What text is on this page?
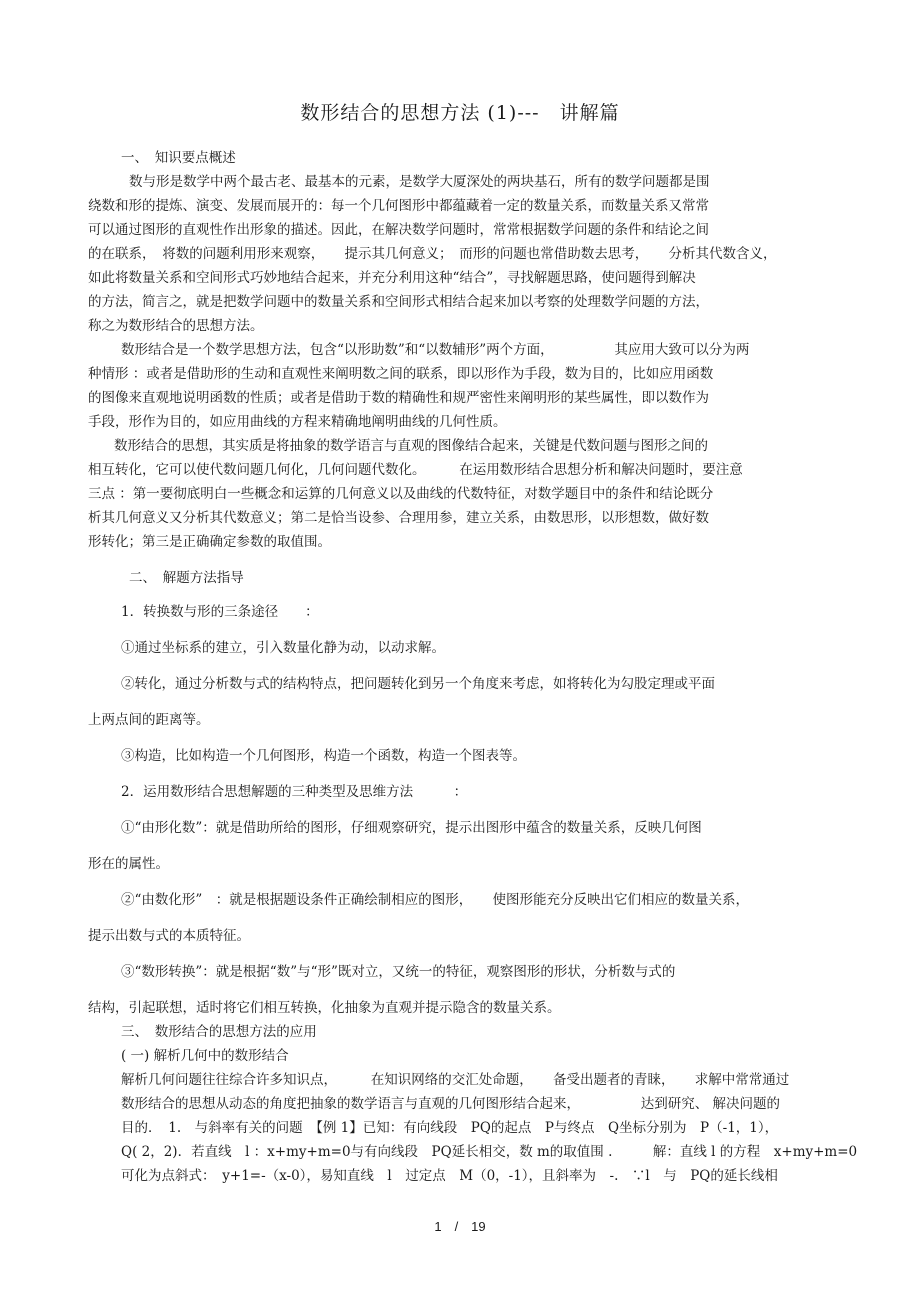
数形结合的思想方法 (1)---　讲解篇
一、　知识要点概述
数与形是数学中两个最古老、最基本的元素，是数学大厦深处的两块基石，所有的数学问题都是围
绕数和形的提炼、演变、发展而展开的：每一个几何图形中都蕴藏着一定的数量关系，而数量关系又常常
可以通过图形的直观性作出形象的描述。因此，在解决数学问题时，常常根据数学问题的条件和结论之间
的在联系，　将数的问题利用形来观察，　　提示其几何意义；　而形的问题也常借助数去思考，　　分析其代数含义，
如此将数量关系和空间形式巧妙地结合起来，并充分利用这种“结合”，寻找解题思路，使问题得到解决
的方法，简言之，就是把数学问题中的数量关系和空间形式相结合起来加以考察的处理数学问题的方法，
称之为数形结合的思想方法。
数形结合是一个数学思想方法，包含“以形助数”和“以数辅形”两个方面，　　　　　其应用大致可以分为两
种情形 ：或者是借助形的生动和直观性来阐明数之间的联系，即以形作为手段，数为目的，比如应用函数
的图像来直观地说明函数的性质；或者是借助于数的精确性和规严密性来阐明形的某些属性，即以数作为
手段，形作为目的，如应用曲线的方程来精确地阐明曲线的几何性质。
数形结合的思想，其实质是将抽象的数学语言与直观的图像结合起来，关键是代数问题与图形之间的
相互转化，它可以使代数问题几何化，几何问题代数化。　　　在运用数形结合思想分析和解决问题时，要注意
三点 ：第一要彻底明白一些概念和运算的几何意义以及曲线的代数特征，对数学题目中的条件和结论既分
析其几何意义又分析其代数意义；第二是恰当设参、合理用参，建立关系，由数思形，以形想数，做好数
形转化；第三是正确确定参数的取值围。
二、　解题方法指导
1．转换数与形的三条途径　　：
①通过坐标系的建立，引入数量化静为动，以动求解。
②转化，通过分析数与式的结构特点，把问题转化到另一个角度来考虑，如将转化为勾股定理或平面
上两点间的距离等。
③构造，比如构造一个几何图形，构造一个函数，构造一个图表等。
2．运用数形结合思想解题的三种类型及思维方法　　　：
①“由形化数”：就是借助所给的图形，仔细观察研究，提示出图形中蕴含的数量关系，反映几何图
形在的属性。
②“由数化形”　：就是根据题设条件正确绘制相应的图形，　　使图形能充分反映出它们相应的数量关系，
提示出数与式的本质特征。
③“数形转换”：就是根据“数”与“形”既对立，又统一的特征，观察图形的形状，分析数与式的
结构，引起联想，适时将它们相互转换，化抽象为直观并提示隐含的数量关系。
三、　数形结合的思想方法的应用
( 一) 解析几何中的数形结合
解析几何问题往往综合许多知识点，　　　在知识网络的交汇处命题，　　备受出题者的青睐，　　求解中常常通过
数形结合的思想从动态的角度把抽象的数学语言与直观的几何图形结合起来，　　　　　达到研究、 解决问题的
目的．　1.　与斜率有关的问题　【例 1】已知：有向线段　PQ的起点　P与终点　Q坐标分别为　P（-1，1），
Q( 2，2)．若直线　l ：x+my+m=0与有向线段　PQ延长相交，数 m的取值围 .　　　解：直线 l 的方程　x+my+m=0
可化为点斜式：　y+1=-（x-0），易知直线　l　过定点　M（0，-1），且斜率为　-.　∵l　与　PQ的延长线相
1　/　19
